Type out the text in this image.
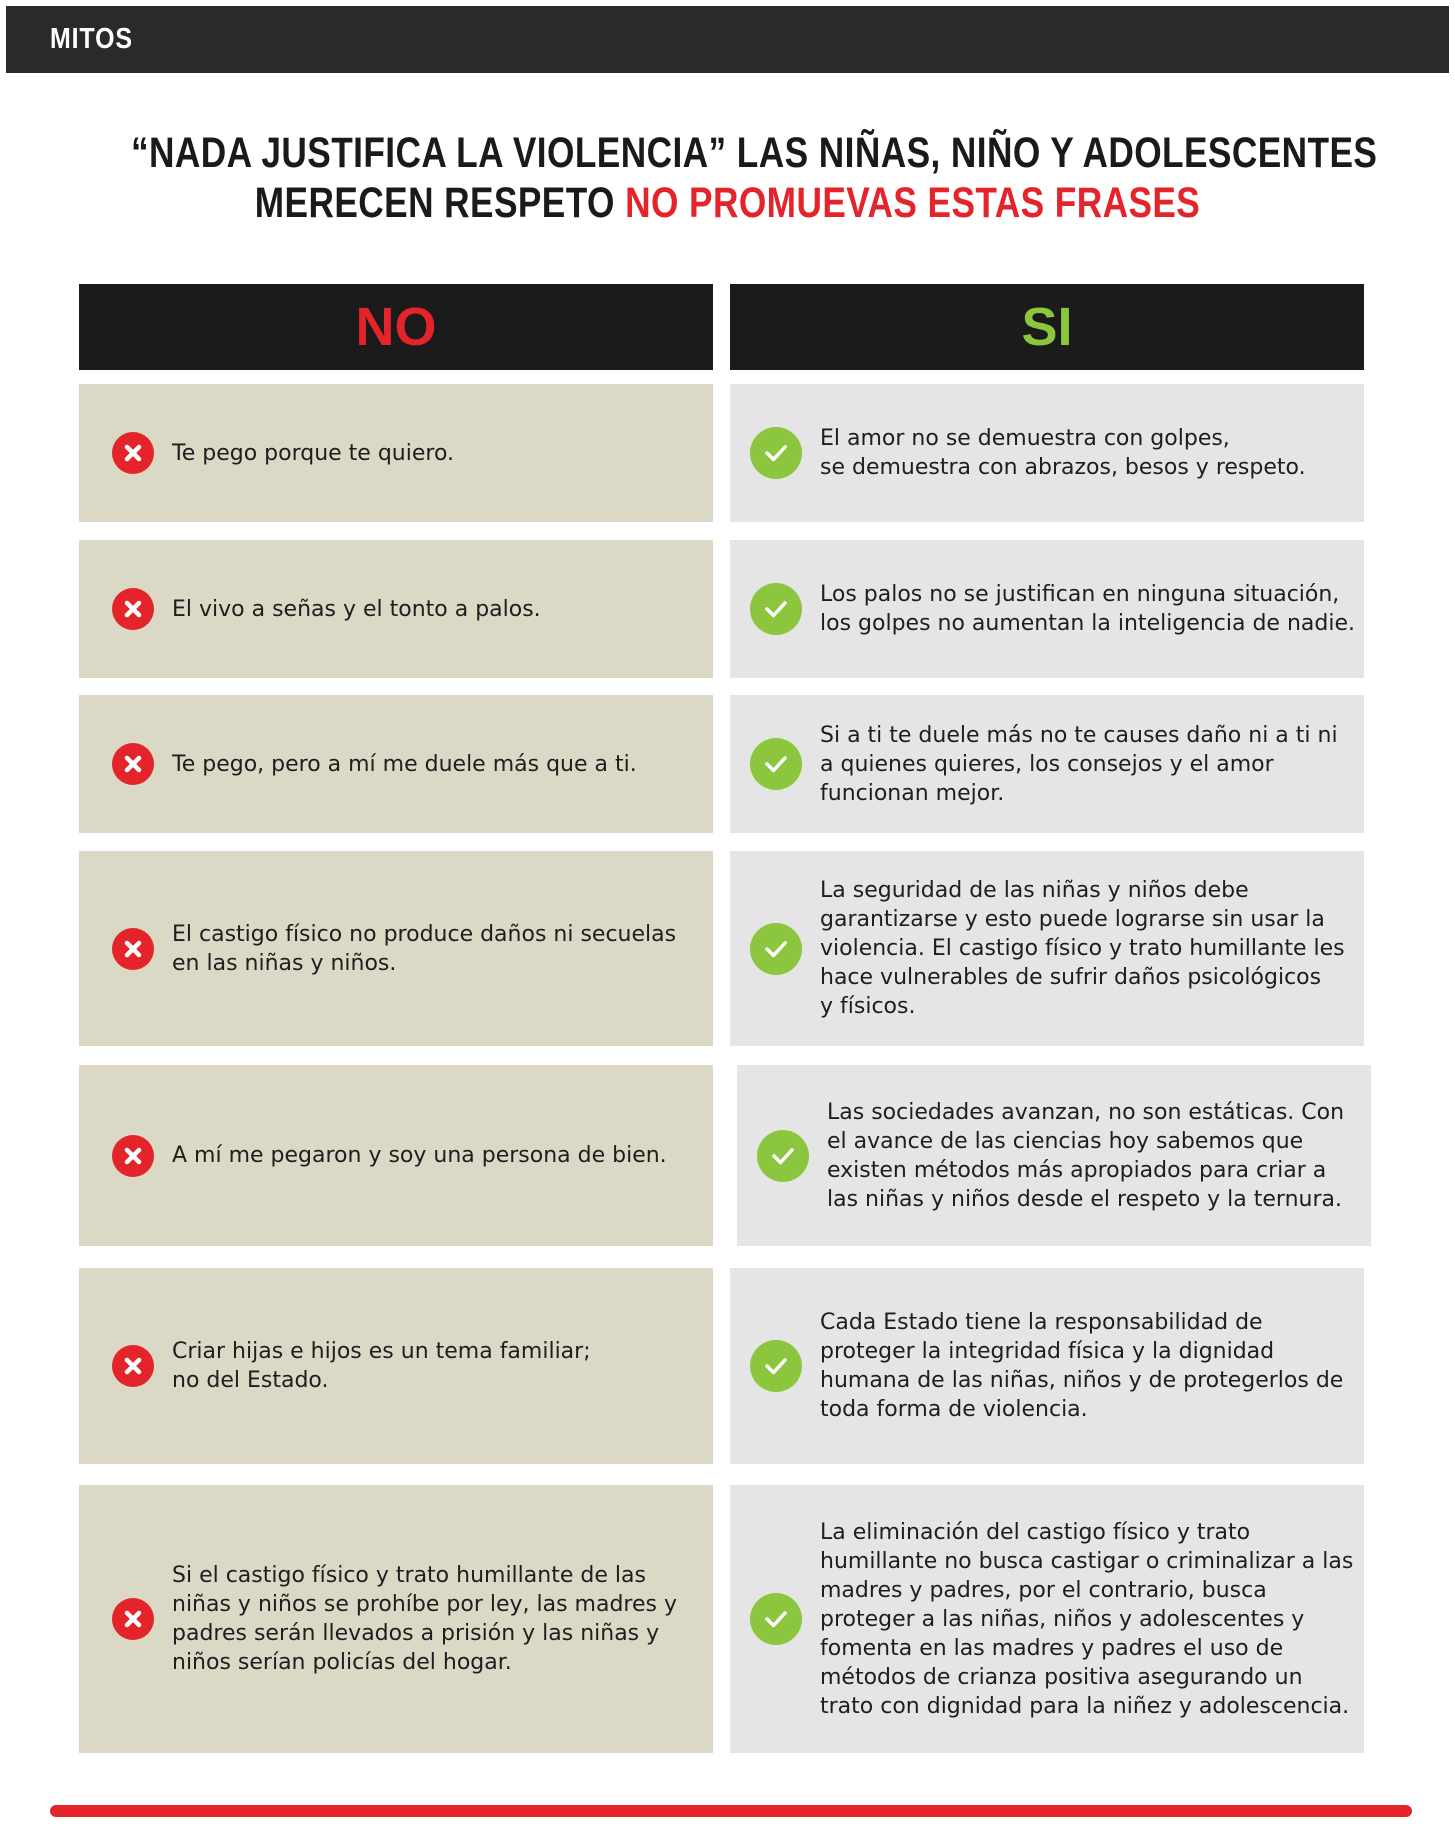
MITOS
“NADA JUSTIFICA LA VIOLENCIA” LAS NIÑAS, NIÑO Y ADOLESCENTES
MERECEN RESPETO NO PROMUEVAS ESTAS FRASES
NO	SI
Te pego porque te quiero.
El amor no se demuestra con golpes,
se demuestra con abrazos, besos y respeto.
El vivo a señas y el tonto a palos.
Los palos no se justifican en ninguna situación,
los golpes no aumentan la inteligencia de nadie.
Te pego, pero a mí me duele más que a ti.
Si a ti te duele más no te causes daño ni a ti ni
a quienes quieres, los consejos y el amor
funcionan mejor.
El castigo físico no produce daños ni secuelas
en las niñas y niños.
La seguridad de las niñas y niños debe
garantizarse y esto puede lograrse sin usar la
violencia. El castigo físico y trato humillante les
hace vulnerables de sufrir daños psicológicos
y físicos.
A mí me pegaron y soy una persona de bien.
Las sociedades avanzan, no son estáticas. Con
el avance de las ciencias hoy sabemos que
existen métodos más apropiados para criar a
las niñas y niños desde el respeto y la ternura.
Criar hijas e hijos es un tema familiar;
no del Estado.
Cada Estado tiene la responsabilidad de
proteger la integridad física y la dignidad
humana de las niñas, niños y de protegerlos de
toda forma de violencia.
Si el castigo físico y trato humillante de las
niñas y niños se prohíbe por ley, las madres y
padres serán llevados a prisión y las niñas y
niños serían policías del hogar.
La eliminación del castigo físico y trato
humillante no busca castigar o criminalizar a las
madres y padres, por el contrario, busca
proteger a las niñas, niños y adolescentes y
fomenta en las madres y padres el uso de
métodos de crianza positiva asegurando un
trato con dignidad para la niñez y adolescencia.
